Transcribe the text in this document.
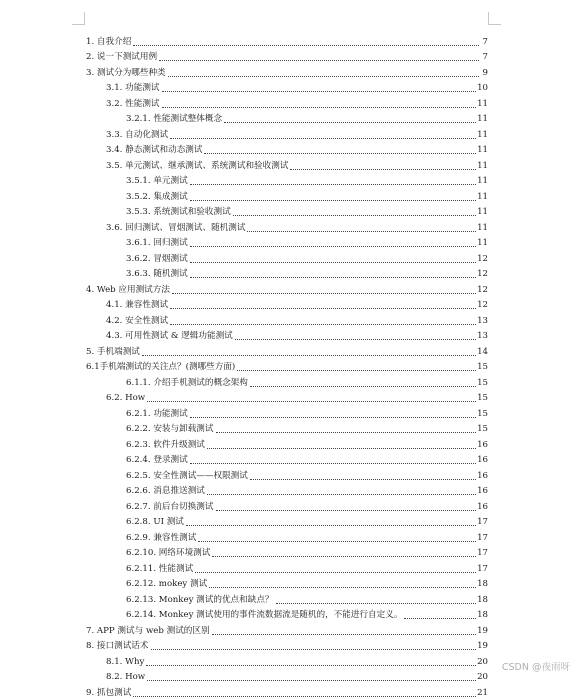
1. 自我介绍	7
2. 说一下测试用例	7
3. 测试分为哪些种类	9
3.1. 功能测试	10
3.2. 性能测试	11
3.2.1. 性能测试整体概念	11
3.3. 自动化测试	11
3.4. 静态测试和动态测试	11
3.5. 单元测试、继承测试、系统测试和验收测试	11
3.5.1. 单元测试	11
3.5.2. 集成测试	11
3.5.3. 系统测试和验收测试	11
3.6. 回归测试、冒烟测试、随机测试	11
3.6.1. 回归测试	11
3.6.2. 冒烟测试	12
3.6.3. 随机测试	12
4. Web 应用测试方法	12
4.1. 兼容性测试	12
4.2. 安全性测试	13
4.3. 可用性测试 & 逻辑功能测试	13
5. 手机端测试	14
6.1手机端测试的关注点？(测哪些方面)	15
6.1.1. 介绍手机测试的概念架构	15
6.2. How	15
6.2.1. 功能测试	15
6.2.2. 安装与卸载测试	15
6.2.3. 软件升级测试	16
6.2.4. 登录测试	16
6.2.5. 安全性测试——权限测试	16
6.2.6. 消息推送测试	16
6.2.7. 前后台切换测试	16
6.2.8. UI 测试	17
6.2.9. 兼容性测试	17
6.2.10. 网络环境测试	17
6.2.11. 性能测试	17
6.2.12. mokey 测试	18
6.2.13. Monkey 测试的优点和缺点？	18
6.2.14. Monkey 测试使用的事件流数据流是随机的，不能进行自定义。	18
7. APP 测试与 web 测试的区别	19
8. 接口测试话术	19
8.1. Why	20
8.2. How	20
9. 抓包测试	21
CSDN @夜雨呀
